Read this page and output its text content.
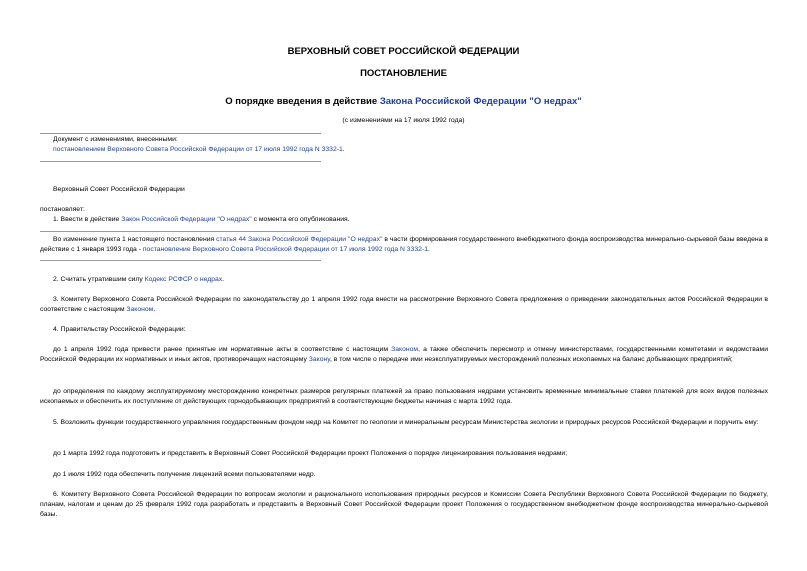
ВЕРХОВНЫЙ СОВЕТ РОССИЙСКОЙ ФЕДЕРАЦИИ
ПОСТАНОВЛЕНИЕ
О порядке введения в действие Закона Российской Федерации "О недрах"
(с изменениями на 17 июля 1992 года)
Документ с изменениями, внесенными:
постановлением Верховного Совета Российской Федерации от 17 июля 1992 года N 3332-1.
Верховный Совет Российской Федерации
постановляет:
1. Ввести в действие Закон Российской Федерации "О недрах" с момента его опубликования.
Во изменение пункта 1 настоящего постановления статья 44 Закона Российской Федерации "О недрах" в части формирования государственного внебюджетного фонда воспроизводства минерально-сырьевой базы введена в действие с 1 января 1993 года - постановление Верховного Совета Российской Федерации от 17 июля 1992 года N 3332-1.
2. Считать утратившим силу Кодекс РСФСР о недрах.
3. Комитету Верховного Совета Российской Федерации по законодательству до 1 апреля 1992 года внести на рассмотрение Верховного Совета предложения о приведении законодательных актов Российской Федерации в соответствие с настоящим Законом.
4. Правительству Российской Федерации:
до 1 апреля 1992 года привести ранее принятые им нормативные акты в соответствие с настоящим Законом, а также обеспечить пересмотр и отмену министерствами, государственными комитетами и ведомствами Российской Федерации их нормативных и иных актов, противоречащих настоящему Закону, в том числе о передаче ими неэксплуатируемых месторождений полезных ископаемых на баланс добывающих предприятий;
до определения по каждому эксплуатируемому месторождению конкретных размеров регулярных платежей за право пользования недрами установить временные минимальные ставки платежей для всех видов полезных ископаемых и обеспечить их поступление от действующих горнодобывающих предприятий в соответствующие бюджеты начиная с марта 1992 года.
5. Возложить функции государственного управления государственным фондом недр на Комитет по геологии и минеральным ресурсам Министерства экологии и природных ресурсов Российской Федерации и поручить ему:
до 1 марта 1992 года подготовить и представить в Верховный Совет Российской Федерации проект Положения о порядке лицензирования пользования недрами;
до 1 июля 1992 года обеспечить получение лицензий всеми пользователями недр.
6. Комитету Верховного Совета Российской Федерации по вопросам экологии и рационального использования природных ресурсов и Комиссии Совета Республики Верховного Совета Российской Федерации по бюджету, планам, налогам и ценам до 25 февраля 1992 года разработать и представить в Верховный Совет Российской Федерации проект Положения о государственном внебюджетном фонде воспроизводства минерально-сырьевой базы.
